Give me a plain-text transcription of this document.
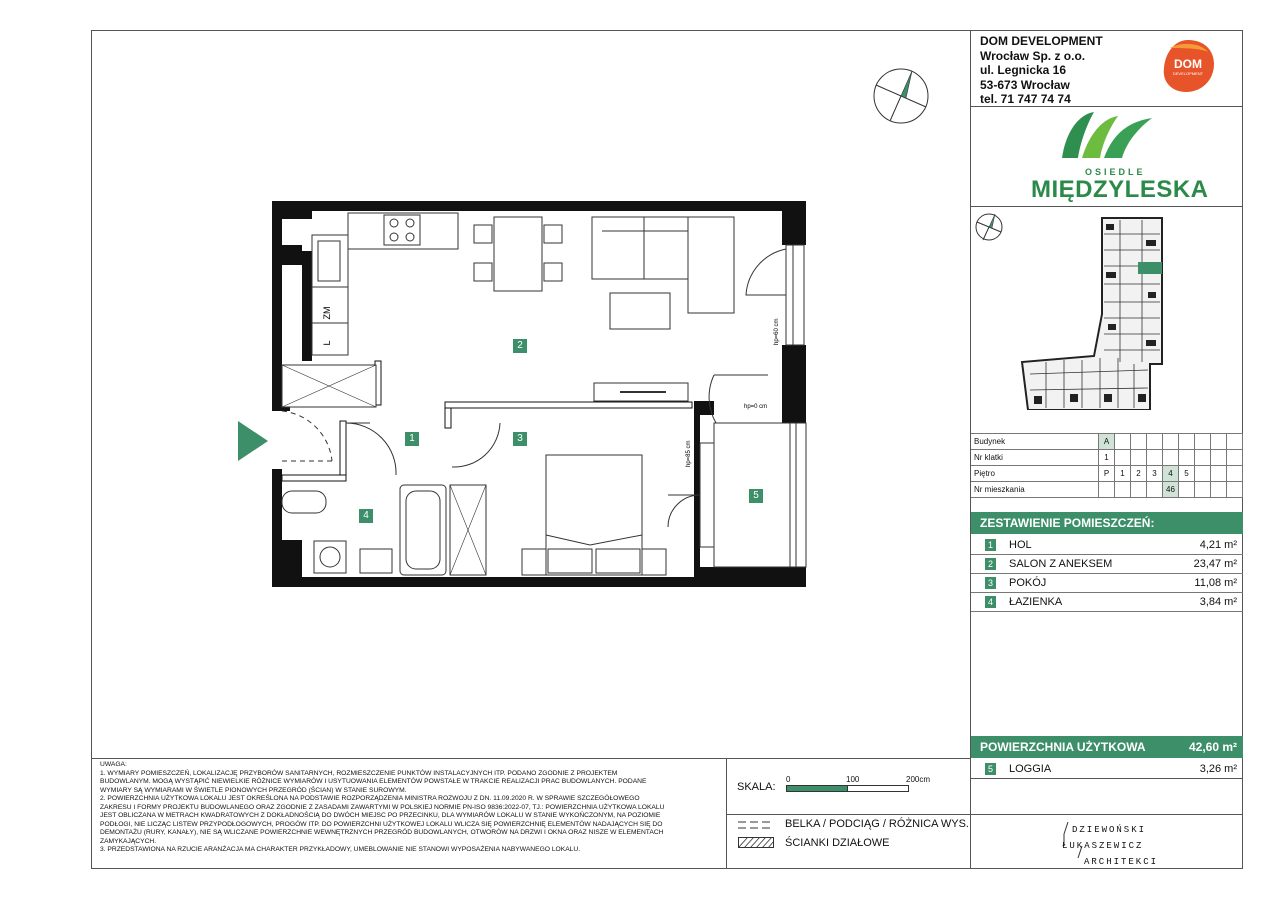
DOM DEVELOPMENT
Wrocław Sp. z o.o.
ul. Legnicka 16
53-673 Wrocław
tel. 71 747 74 74
DOM
DEVELOPMENT
OSIEDLE
MIĘDZYLESKA
Budynek	A								
Nr klatki	1								
Piętro	P	1	2	3	4	5			
Nr mieszkania					46				
ZESTAWIENIE POMIESZCZEŃ:
1 HOL	4,21 m²
2 SALON Z ANEKSEM	23,47 m²
3 POKÓJ	11,08 m²
4 ŁAZIENKA	3,84 m²
POWIERZCHNIA UŻYTKOWA	42,60 m²
5 LOGGIA	3,26 m²
UWAGA:
1. WYMIARY POMIESZCZEŃ, LOKALIZACJĘ PRZYBORÓW SANITARNYCH, ROZMIESZCZENIE PUNKTÓW INSTALACYJNYCH ITP. PODANO ZGODNIE Z PROJEKTEM
BUDOWLANYM. MOGĄ WYSTĄPIĆ NIEWIELKIE RÓŻNICE WYMIARÓW I USYTUOWANIA ELEMENTÓW POWSTAŁE W TRAKCIE REALIZACJI PRAC BUDOWLANYCH. PODANE
WYMIARY SĄ WYMIARAMI W ŚWIETLE PIONOWYCH PRZEGRÓD (ŚCIAN) W STANIE SUROWYM.
2. POWIERZCHNIA UŻYTKOWA LOKALU JEST OKREŚLONA NA PODSTAWIE ROZPORZĄDZENIA MINISTRA ROZWOJU Z DN. 11.09.2020 R. W SPRAWIE SZCZEGÓŁOWEGO
ZAKRESU I FORMY PROJEKTU BUDOWLANEGO ORAZ ZGODNIE Z ZASADAMI ZAWARTYMI W POLSKIEJ NORMIE PN-ISO 9836:2022-07, TJ.: POWIERZCHNIA UŻYTKOWA LOKALU
JEST OBLICZANA W METRACH KWADRATOWYCH Z DOKŁADNOŚCIĄ DO DWÓCH MIEJSC PO PRZECINKU, DLA WYMIARÓW LOKALU W STANIE WYKOŃCZONYM, NA POZIOMIE
PODŁOGI, NIE LICZĄC LISTEW PRZYPODŁOGOWYCH, PROGÓW ITP. DO POWIERZCHNI UŻYTKOWEJ LOKALU WLICZA SIĘ POWIERZCHNIĘ ELEMENTÓW NADAJĄCYCH SIĘ DO
DEMONTAŻU (RURY, KANAŁY), NIE SĄ WLICZANE POWIERZCHNIE WEWNĘTRZNYCH PRZEGRÓD BUDOWLANYCH, OTWORÓW NA DRZWI I OKNA ORAZ NISZE W ELEMENTACH
ZAMYKAJĄCYCH.
3. PRZEDSTAWIONA NA RZUCIE ARANŻACJA MA CHARAKTER PRZYKŁADOWY, UMEBLOWANIE NIE STANOWI WYPOSAŻENIA NABYWANEGO LOKALU.
SKALA:
0	100	200cm
BELKA / PODCIĄG / RÓŻNICA WYS.
ŚCIANKI DZIAŁOWE
DZIEWOŃSKI
ŁUKASZEWICZ
ARCHITEKCI
ZM
L	hp=60 cm
hp=0 cm
hp=85 cm
1
2
3
4
5
